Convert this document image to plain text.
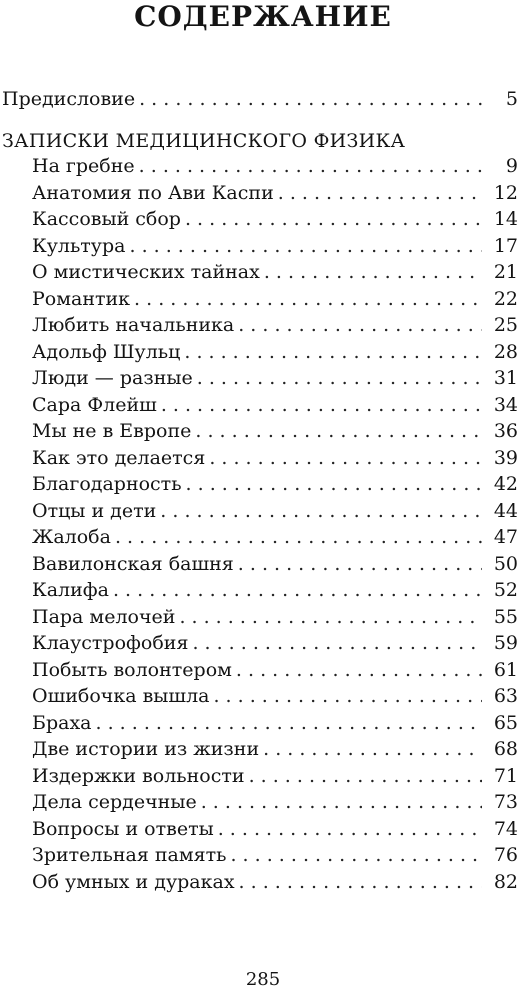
СОДЕРЖАНИЕ
Предисловие . . .	5
ЗАПИСКИ МЕДИЦИНСКОГО ФИЗИКА
На гребне . . .	9
Анатомия по Ави Каспи . . .	12
Кассовый сбор . . .	14
Культура . . .	17
О мистических тайнах . . .	21
Романтик . . .	22
Любить начальника . . .	25
Адольф Шульц . . .	28
Люди — разные . . .	31
Сара Флейш . . .	34
Мы не в Европе . . .	36
Как это делается . . .	39
Благодарность . . .	42
Отцы и дети . . .	44
Жалоба . . .	47
Вавилонская башня . . .	50
Калифа . . .	52
Пара мелочей . . .	55
Клаустрофобия . . .	59
Побыть волонтером . . .	61
Ошибочка вышла . . .	63
Браха . . .	65
Две истории из жизни . . .	68
Издержки вольности . . .	71
Дела сердечные . . .	73
Вопросы и ответы . . .	74
Зрительная память . . .	76
Об умных и дураках . . .	82
285
